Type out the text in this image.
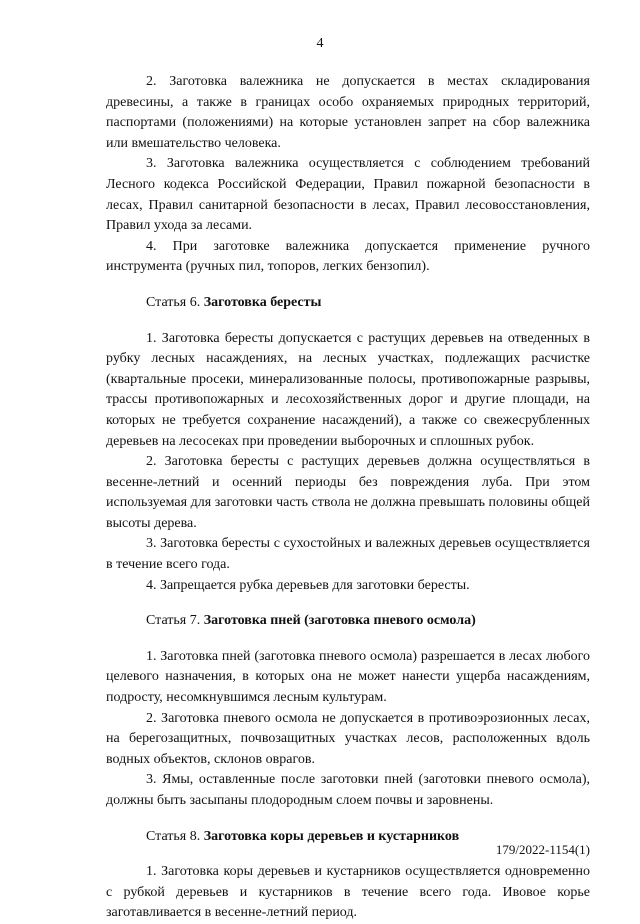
4

2. Заготовка валежника не допускается в местах складирования древесины, а также в границах особо охраняемых природных территорий, паспортами (положениями) на которые установлен запрет на сбор валежника или вмешательство человека.

3. Заготовка валежника осуществляется с соблюдением требований Лесного кодекса Российской Федерации, Правил пожарной безопасности в лесах, Правил санитарной безопасности в лесах, Правил лесовосстановления, Правил ухода за лесами.

4. При заготовке валежника допускается применение ручного инструмента (ручных пил, топоров, легких бензопил).

Статья 6. Заготовка бересты

1. Заготовка бересты допускается с растущих деревьев на отведенных в рубку лесных насаждениях, на лесных участках, подлежащих расчистке (квартальные просеки, минерализованные полосы, противопожарные разрывы, трассы противопожарных и лесохозяйственных дорог и другие площади, на которых не требуется сохранение насаждений), а также со свежесрубленных деревьев на лесосеках при проведении выборочных и сплошных рубок.

2. Заготовка бересты с растущих деревьев должна осуществляться в весенне-летний и осенний периоды без повреждения луба. При этом используемая для заготовки часть ствола не должна превышать половины общей высоты дерева.

3. Заготовка бересты с сухостойных и валежных деревьев осуществляется в течение всего года.

4. Запрещается рубка деревьев для заготовки бересты.

Статья 7. Заготовка пней (заготовка пневого осмола)

1. Заготовка пней (заготовка пневого осмола) разрешается в лесах любого целевого назначения, в которых она не может нанести ущерба насаждениям, подросту, несомкнувшимся лесным культурам.

2. Заготовка пневого осмола не допускается в противоэрозионных лесах, на берегозащитных, почвозащитных участках лесов, расположенных вдоль водных объектов, склонов оврагов.

3. Ямы, оставленные после заготовки пней (заготовки пневого осмола), должны быть засыпаны плодородным слоем почвы и заровнены.

Статья 8. Заготовка коры деревьев и кустарников

1. Заготовка коры деревьев и кустарников осуществляется одновременно с рубкой деревьев и кустарников в течение всего года. Ивовое корье заготавливается в весенне-летний период.

179/2022-1154(1)
